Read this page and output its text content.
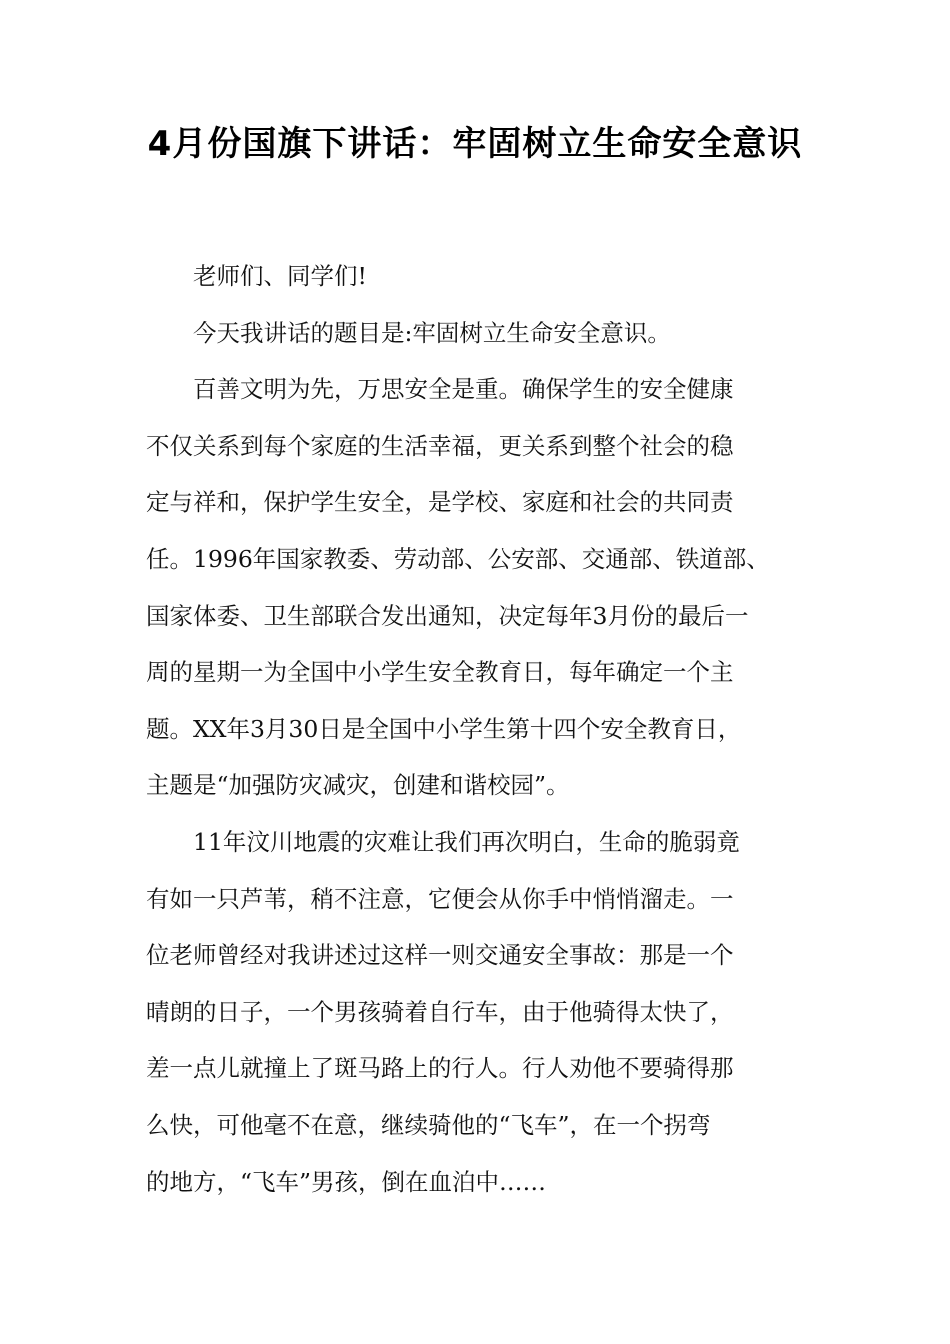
4月份国旗下讲话：牢固树立生命安全意识
老师们、同学们!
今天我讲话的题目是:牢固树立生命安全意识。
百善文明为先，万思安全是重。确保学生的安全健康
不仅关系到每个家庭的生活幸福，更关系到整个社会的稳
定与祥和，保护学生安全，是学校、家庭和社会的共同责
任。1996年国家教委、劳动部、公安部、交通部、铁道部、
国家体委、卫生部联合发出通知，决定每年3月份的最后一
周的星期一为全国中小学生安全教育日，每年确定一个主
题。XX年3月30日是全国中小学生第十四个安全教育日，
主题是“加强防灾减灾，创建和谐校园”。
11年汶川地震的灾难让我们再次明白，生命的脆弱竟
有如一只芦苇，稍不注意，它便会从你手中悄悄溜走。一
位老师曾经对我讲述过这样一则交通安全事故：那是一个
晴朗的日子，一个男孩骑着自行车，由于他骑得太快了，
差一点儿就撞上了斑马路上的行人。行人劝他不要骑得那
么快，可他毫不在意，继续骑他的“飞车”，在一个拐弯
的地方，“飞车”男孩，倒在血泊中……
